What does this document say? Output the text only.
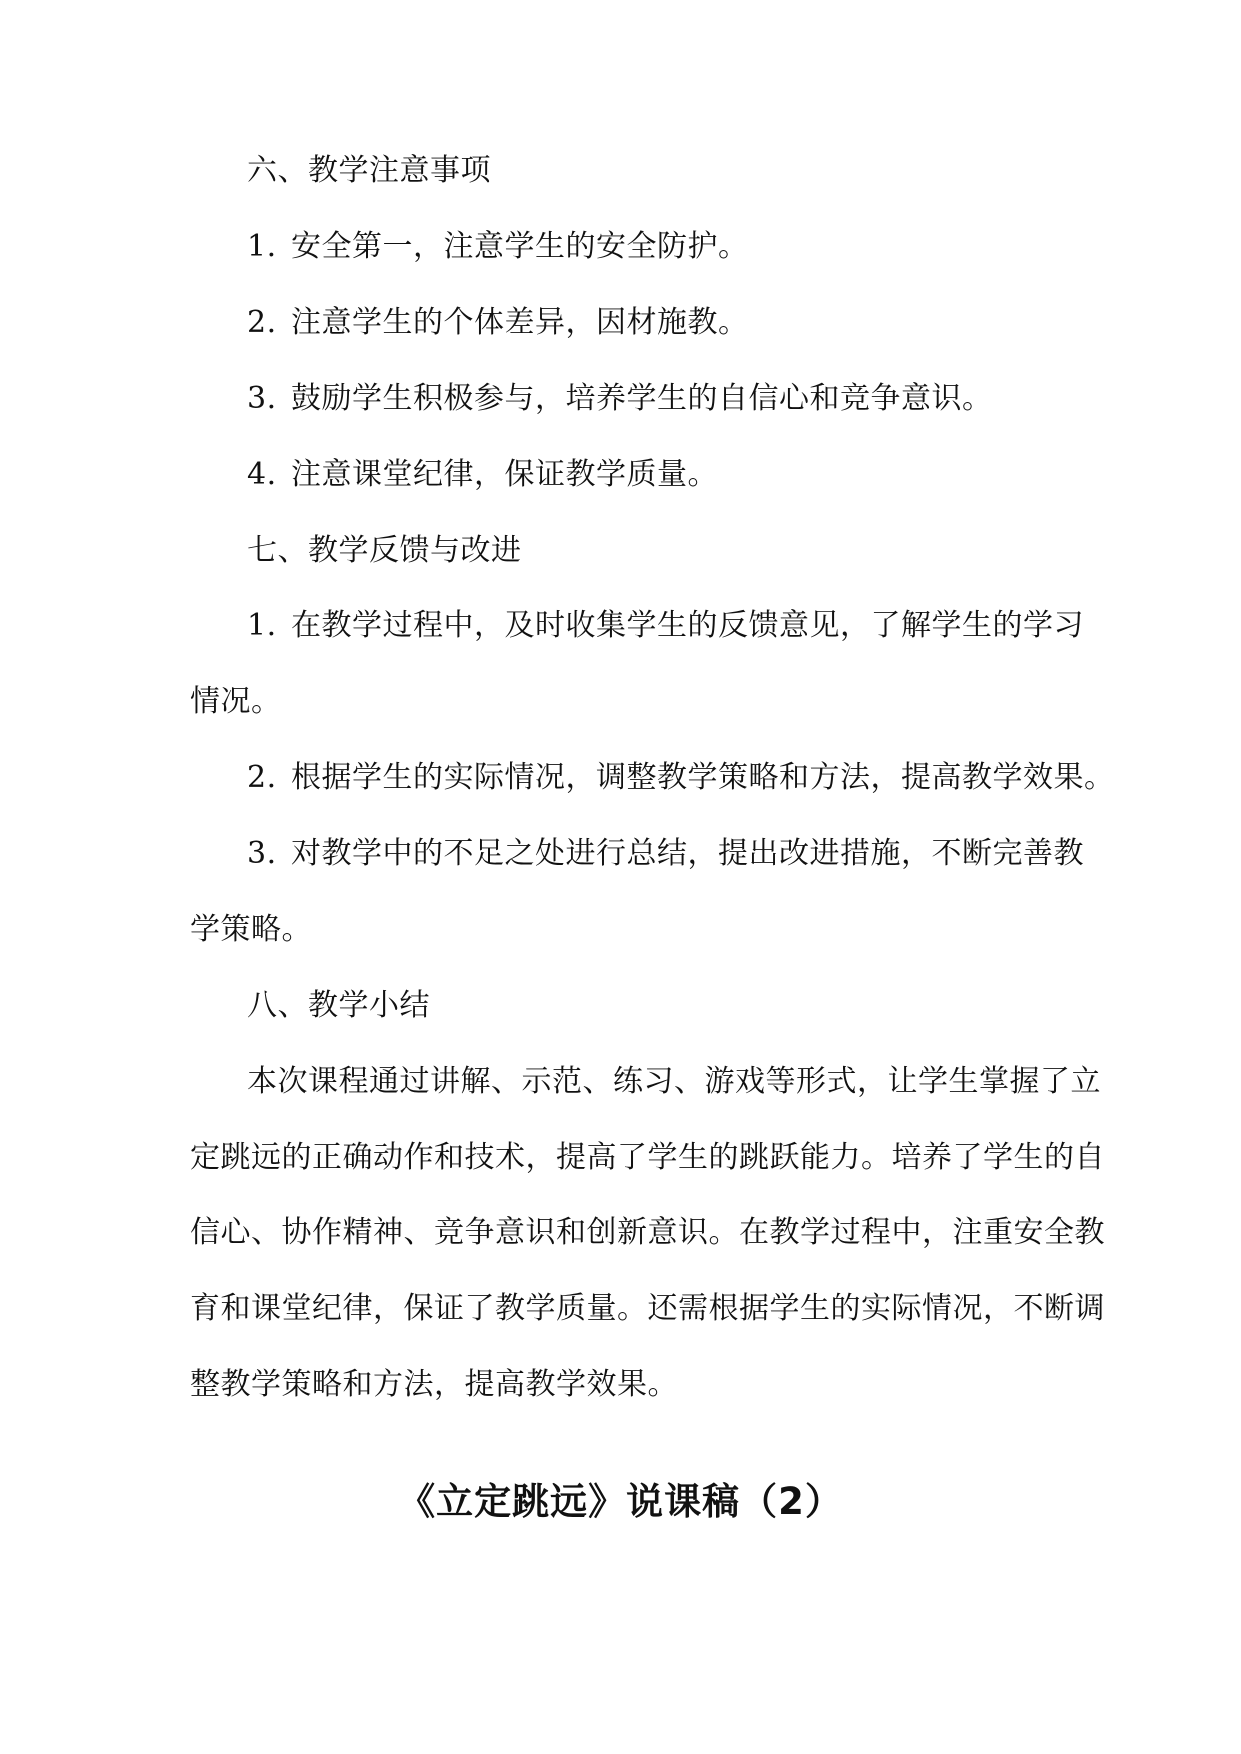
六、教学注意事项
1. 安全第一，注意学生的安全防护。
2. 注意学生的个体差异，因材施教。
3. 鼓励学生积极参与，培养学生的自信心和竞争意识。
4. 注意课堂纪律，保证教学质量。
七、教学反馈与改进
1. 在教学过程中，及时收集学生的反馈意见，了解学生的学习
情况。
2. 根据学生的实际情况，调整教学策略和方法，提高教学效果。
3. 对教学中的不足之处进行总结，提出改进措施，不断完善教
学策略。
八、教学小结
本次课程通过讲解、示范、练习、游戏等形式，让学生掌握了立
定跳远的正确动作和技术，提高了学生的跳跃能力。培养了学生的自
信心、协作精神、竞争意识和创新意识。在教学过程中，注重安全教
育和课堂纪律，保证了教学质量。还需根据学生的实际情况，不断调
整教学策略和方法，提高教学效果。
《立定跳远》说课稿（2）
